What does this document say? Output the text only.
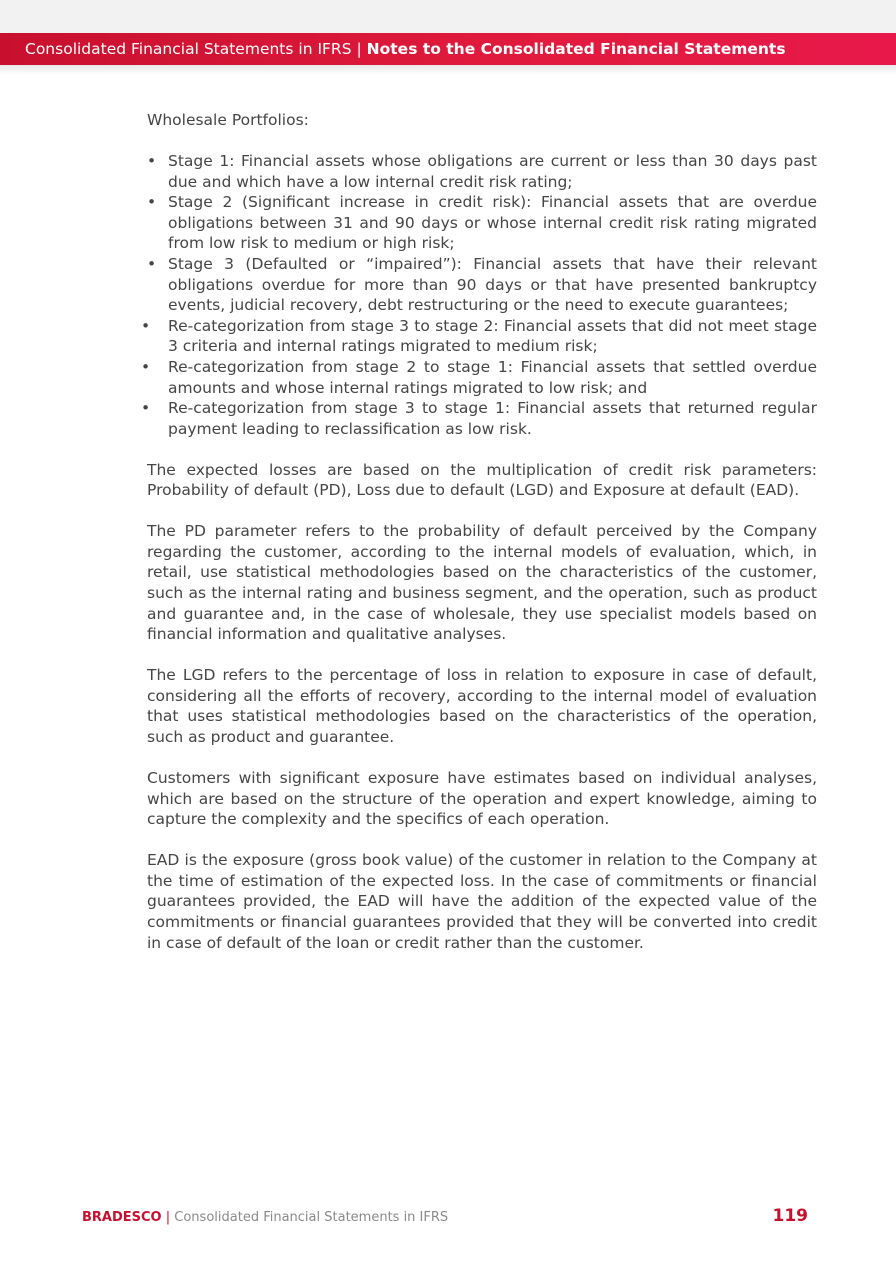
Consolidated Financial Statements in IFRS | Notes to the Consolidated Financial Statements

Wholesale Portfolios:

• Stage 1: Financial assets whose obligations are current or less than 30 days past due and which have a low internal credit risk rating;
• Stage 2 (Significant increase in credit risk): Financial assets that are overdue obligations between 31 and 90 days or whose internal credit risk rating migrated from low risk to medium or high risk;
• Stage 3 (Defaulted or “impaired”): Financial assets that have their relevant obligations overdue for more than 90 days or that have presented bankruptcy events, judicial recovery, debt restructuring or the need to execute guarantees;
• Re-categorization from stage 3 to stage 2: Financial assets that did not meet stage 3 criteria and internal ratings migrated to medium risk;
• Re-categorization from stage 2 to stage 1: Financial assets that settled overdue amounts and whose internal ratings migrated to low risk; and
• Re-categorization from stage 3 to stage 1: Financial assets that returned regular payment leading to reclassification as low risk.

The expected losses are based on the multiplication of credit risk parameters: Probability of default (PD), Loss due to default (LGD) and Exposure at default (EAD).

The PD parameter refers to the probability of default perceived by the Company regarding the customer, according to the internal models of evaluation, which, in retail, use statistical methodologies based on the characteristics of the customer, such as the internal rating and business segment, and the operation, such as product and guarantee and, in the case of wholesale, they use specialist models based on financial information and qualitative analyses.

The LGD refers to the percentage of loss in relation to exposure in case of default, considering all the efforts of recovery, according to the internal model of evaluation that uses statistical methodologies based on the characteristics of the operation, such as product and guarantee.

Customers with significant exposure have estimates based on individual analyses, which are based on the structure of the operation and expert knowledge, aiming to capture the complexity and the specifics of each operation.

EAD is the exposure (gross book value) of the customer in relation to the Company at the time of estimation of the expected loss. In the case of commitments or financial guarantees provided, the EAD will have the addition of the expected value of the commitments or financial guarantees provided that they will be converted into credit in case of default of the loan or credit rather than the customer.

BRADESCO | Consolidated Financial Statements in IFRS	119
